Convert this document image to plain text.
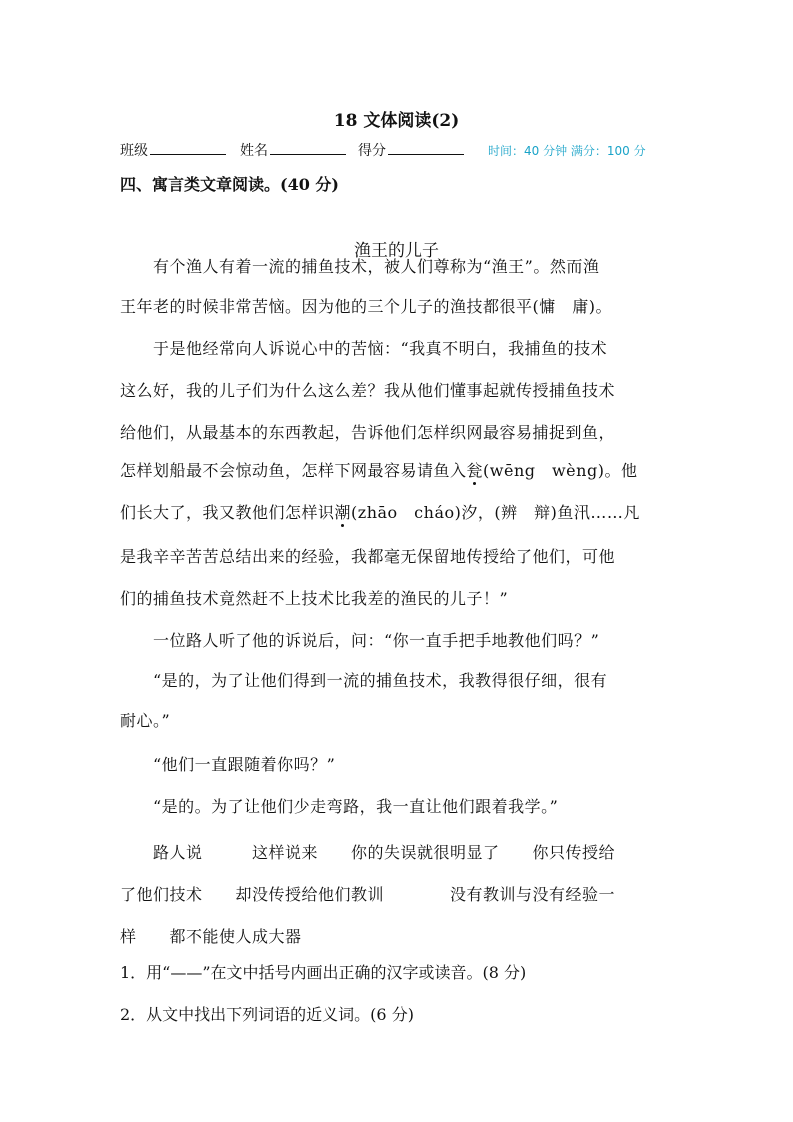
18 文体阅读(2)
班级	姓名	得分	时间：40 分钟 满分：100 分
四、寓言类文章阅读。(40 分)
渔王的儿子
　　有个渔人有着一流的捕鱼技术，被人们尊称为“渔王”。然而渔
王年老的时候非常苦恼。因为他的三个儿子的渔技都很平(慵　庸)。
　　于是他经常向人诉说心中的苦恼：“我真不明白，我捕鱼的技术
这么好，我的儿子们为什么这么差？我从他们懂事起就传授捕鱼技术
给他们，从最基本的东西教起，告诉他们怎样织网最容易捕捉到鱼，
怎样划船最不会惊动鱼，怎样下网最容易请鱼入瓮(wēng　wèng)。他
们长大了，我又教他们怎样识潮(zhāo　cháo)汐，(辨　辩)鱼汛……凡
是我辛辛苦苦总结出来的经验，我都毫无保留地传授给了他们，可他
们的捕鱼技术竟然赶不上技术比我差的渔民的儿子！”
　　一位路人听了他的诉说后，问：“你一直手把手地教他们吗？”
　　“是的，为了让他们得到一流的捕鱼技术，我教得很仔细，很有
耐心。”
　　“他们一直跟随着你吗？”
　　“是的。为了让他们少走弯路，我一直让他们跟着我学。”
　　路人说　　　这样说来　　你的失误就很明显了　　你只传授给
了他们技术　　却没传授给他们教训　　　　没有教训与没有经验一
样　　都不能使人成大器
1．用“——”在文中括号内画出正确的汉字或读音。(8 分)
2．从文中找出下列词语的近义词。(6 分)
